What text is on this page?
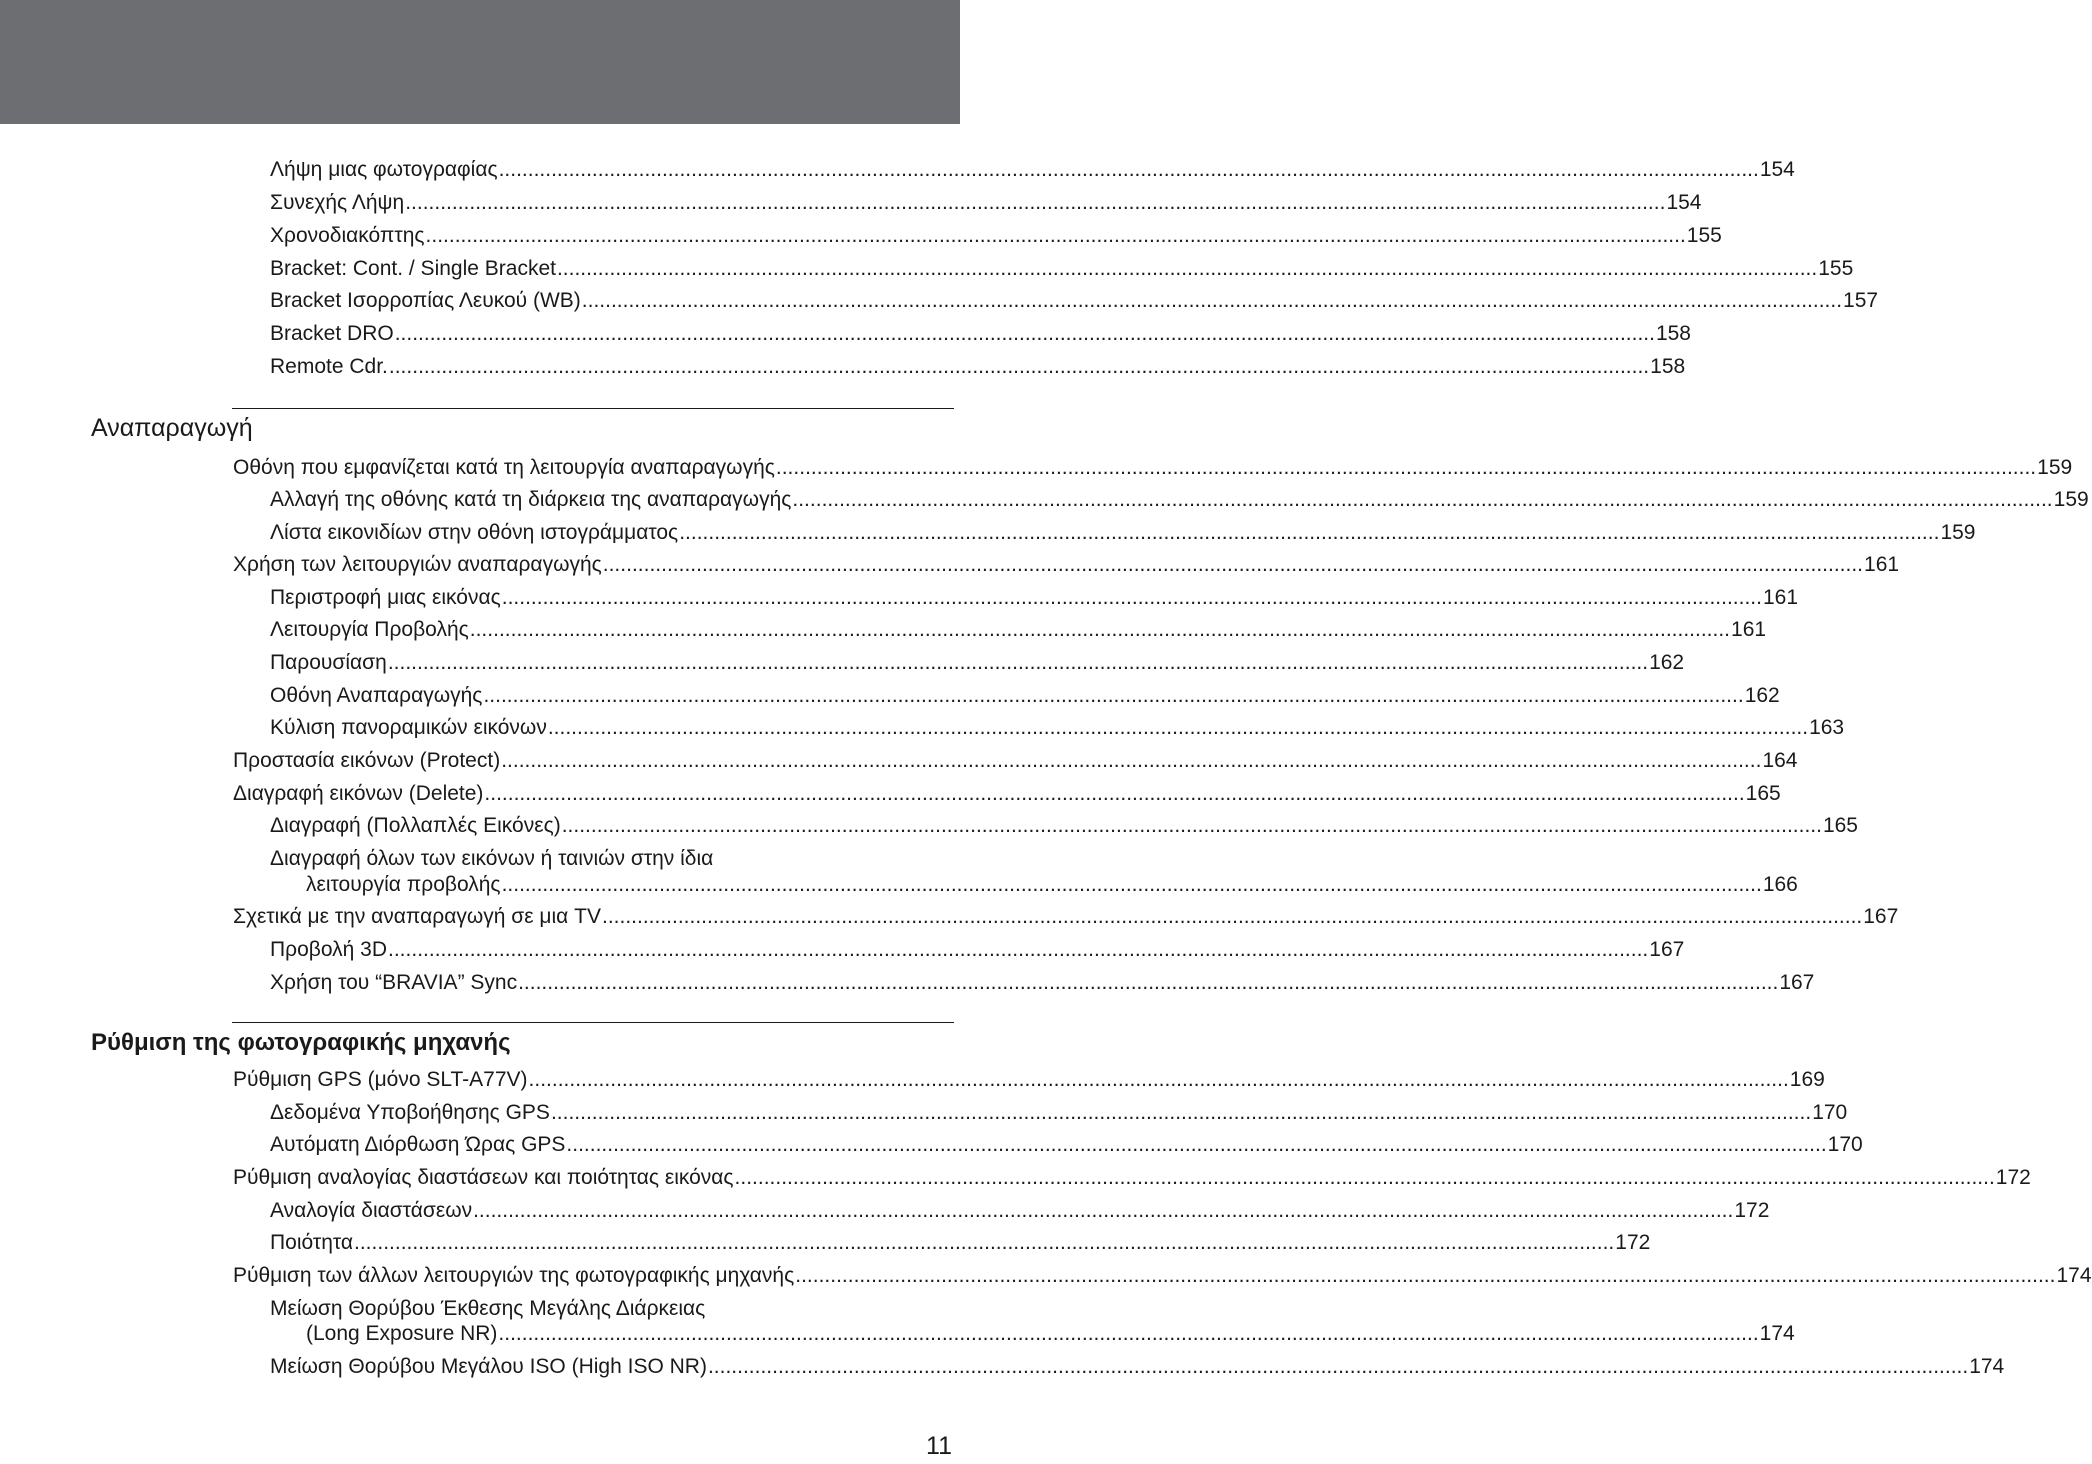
Λήψη μιας φωτογραφίας .....	154
Συνεχής Λήψη .....	154
Χρονοδιακόπτης .....	155
Bracket: Cont. / Single Bracket .....	155
Bracket Ισορροπίας Λευκού (WB) .....	157
Bracket DRO .....	158
Remote Cdr. .....	158
Αναπαραγωγή
Οθόνη που εμφανίζεται κατά τη λειτουργία αναπαραγωγής .....	159
Αλλαγή της οθόνης κατά τη διάρκεια της αναπαραγωγής .....	159
Λίστα εικονιδίων στην οθόνη ιστογράμματος .....	159
Χρήση των λειτουργιών αναπαραγωγής .....	161
Περιστροφή μιας εικόνας .....	161
Λειτουργία Προβολής .....	161
Παρουσίαση .....	162
Οθόνη Αναπαραγωγής .....	162
Κύλιση πανοραμικών εικόνων .....	163
Προστασία εικόνων (Protect) .....	164
Διαγραφή εικόνων (Delete) .....	165
Διαγραφή (Πολλαπλές Εικόνες) .....	165
Διαγραφή όλων των εικόνων ή ταινιών στην ίδια
λειτουργία προβολής .....	166
Σχετικά με την αναπαραγωγή σε μια TV .....	167
Προβολή 3D .....	167
Χρήση του “BRAVIA” Sync .....	167
Ρύθμιση της φωτογραφικής μηχανής
Ρύθμιση GPS (μόνο SLT-A77V) .....	169
Δεδομένα Υποβοήθησης GPS .....	170
Αυτόματη Διόρθωση Ώρας GPS .....	170
Ρύθμιση αναλογίας διαστάσεων και ποιότητας εικόνας .....	172
Αναλογία διαστάσεων .....	172
Ποιότητα .....	172
Ρύθμιση των άλλων λειτουργιών της φωτογραφικής μηχανής .....	174
Μείωση Θορύβου Έκθεσης Μεγάλης Διάρκειας
(Long Exposure NR) .....	174
Μείωση Θορύβου Μεγάλου ISO (High ISO NR) .....	174
11
